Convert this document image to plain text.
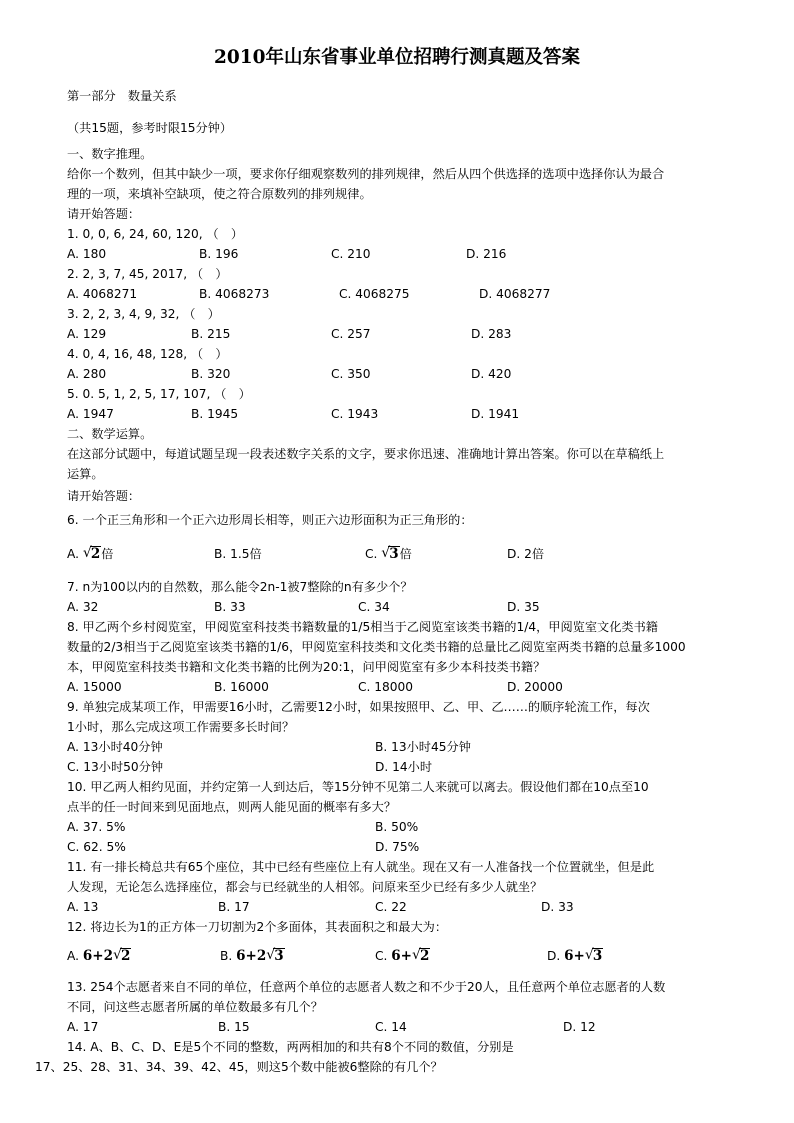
2010年山东省事业单位招聘行测真题及答案
第一部分　数量关系
（共15题，参考时限15分钟）
一、数字推理。
给你一个数列，但其中缺少一项，要求你仔细观察数列的排列规律，然后从四个供选择的选项中选择你认为最合
理的一项，来填补空缺项，使之符合原数列的排列规律。
请开始答题：
1. 0, 0, 6, 24, 60, 120, （　）
A. 180	B. 196	C. 210	D. 216
2. 2, 3, 7, 45, 2017, （　）
A. 4068271	B. 4068273	C. 4068275	D. 4068277
3. 2, 2, 3, 4, 9, 32, （　）
A. 129	B. 215	C. 257	D. 283
4. 0, 4, 16, 48, 128, （　）
A. 280	B. 320	C. 350	D. 420
5. 0. 5, 1, 2, 5, 17, 107, （　）
A. 1947	B. 1945	C. 1943	D. 1941
二、数学运算。
在这部分试题中，每道试题呈现一段表述数字关系的文字，要求你迅速、准确地计算出答案。你可以在草稿纸上
运算。
请开始答题：
6. 一个正三角形和一个正六边形周长相等，则正六边形面积为正三角形的：
A. √ 2倍	B. 1.5倍	C. √ 3倍	D. 2倍
7. n为100以内的自然数，那么能令2n-1被7整除的n有多少个？
A. 32	B. 33	C. 34	D. 35
8. 甲乙两个乡村阅览室，甲阅览室科技类书籍数量的1/5相当于乙阅览室该类书籍的1/4，甲阅览室文化类书籍
数量的2/3相当于乙阅览室该类书籍的1/6，甲阅览室科技类和文化类书籍的总量比乙阅览室两类书籍的总量多1000
本，甲阅览室科技类书籍和文化类书籍的比例为20:1，问甲阅览室有多少本科技类书籍？
A. 15000	B. 16000	C. 18000	D. 20000
9. 单独完成某项工作，甲需要16小时，乙需要12小时，如果按照甲、乙、甲、乙……的顺序轮流工作，每次
1小时，那么完成这项工作需要多长时间？
A. 13小时40分钟	B. 13小时45分钟
C. 13小时50分钟	D. 14小时
10. 甲乙两人相约见面，并约定第一人到达后，等15分钟不见第二人来就可以离去。假设他们都在10点至10
点半的任一时间来到见面地点，则两人能见面的概率有多大？
A. 37. 5%	B. 50%
C. 62. 5%	D. 75%
11. 有一排长椅总共有65个座位，其中已经有些座位上有人就坐。现在又有一人准备找一个位置就坐，但是此
人发现，无论怎么选择座位，都会与已经就坐的人相邻。问原来至少已经有多少人就坐？
A. 13	B. 17	C. 22	D. 33
12. 将边长为1的正方体一刀切割为2个多面体，其表面积之和最大为：
A. 6+2 √ 2	B. 6+2 √ 3	C. 6+ √ 2	D. 6+ √ 3
13. 254个志愿者来自不同的单位，任意两个单位的志愿者人数之和不少于20人，且任意两个单位志愿者的人数
不同，问这些志愿者所属的单位数最多有几个？
A. 17	B. 15	C. 14	D. 12
14. A、B、C、D、E是5个不同的整数，两两相加的和共有8个不同的数值，分别是
17、25、28、31、34、39、42、45，则这5个数中能被6整除的有几个？
